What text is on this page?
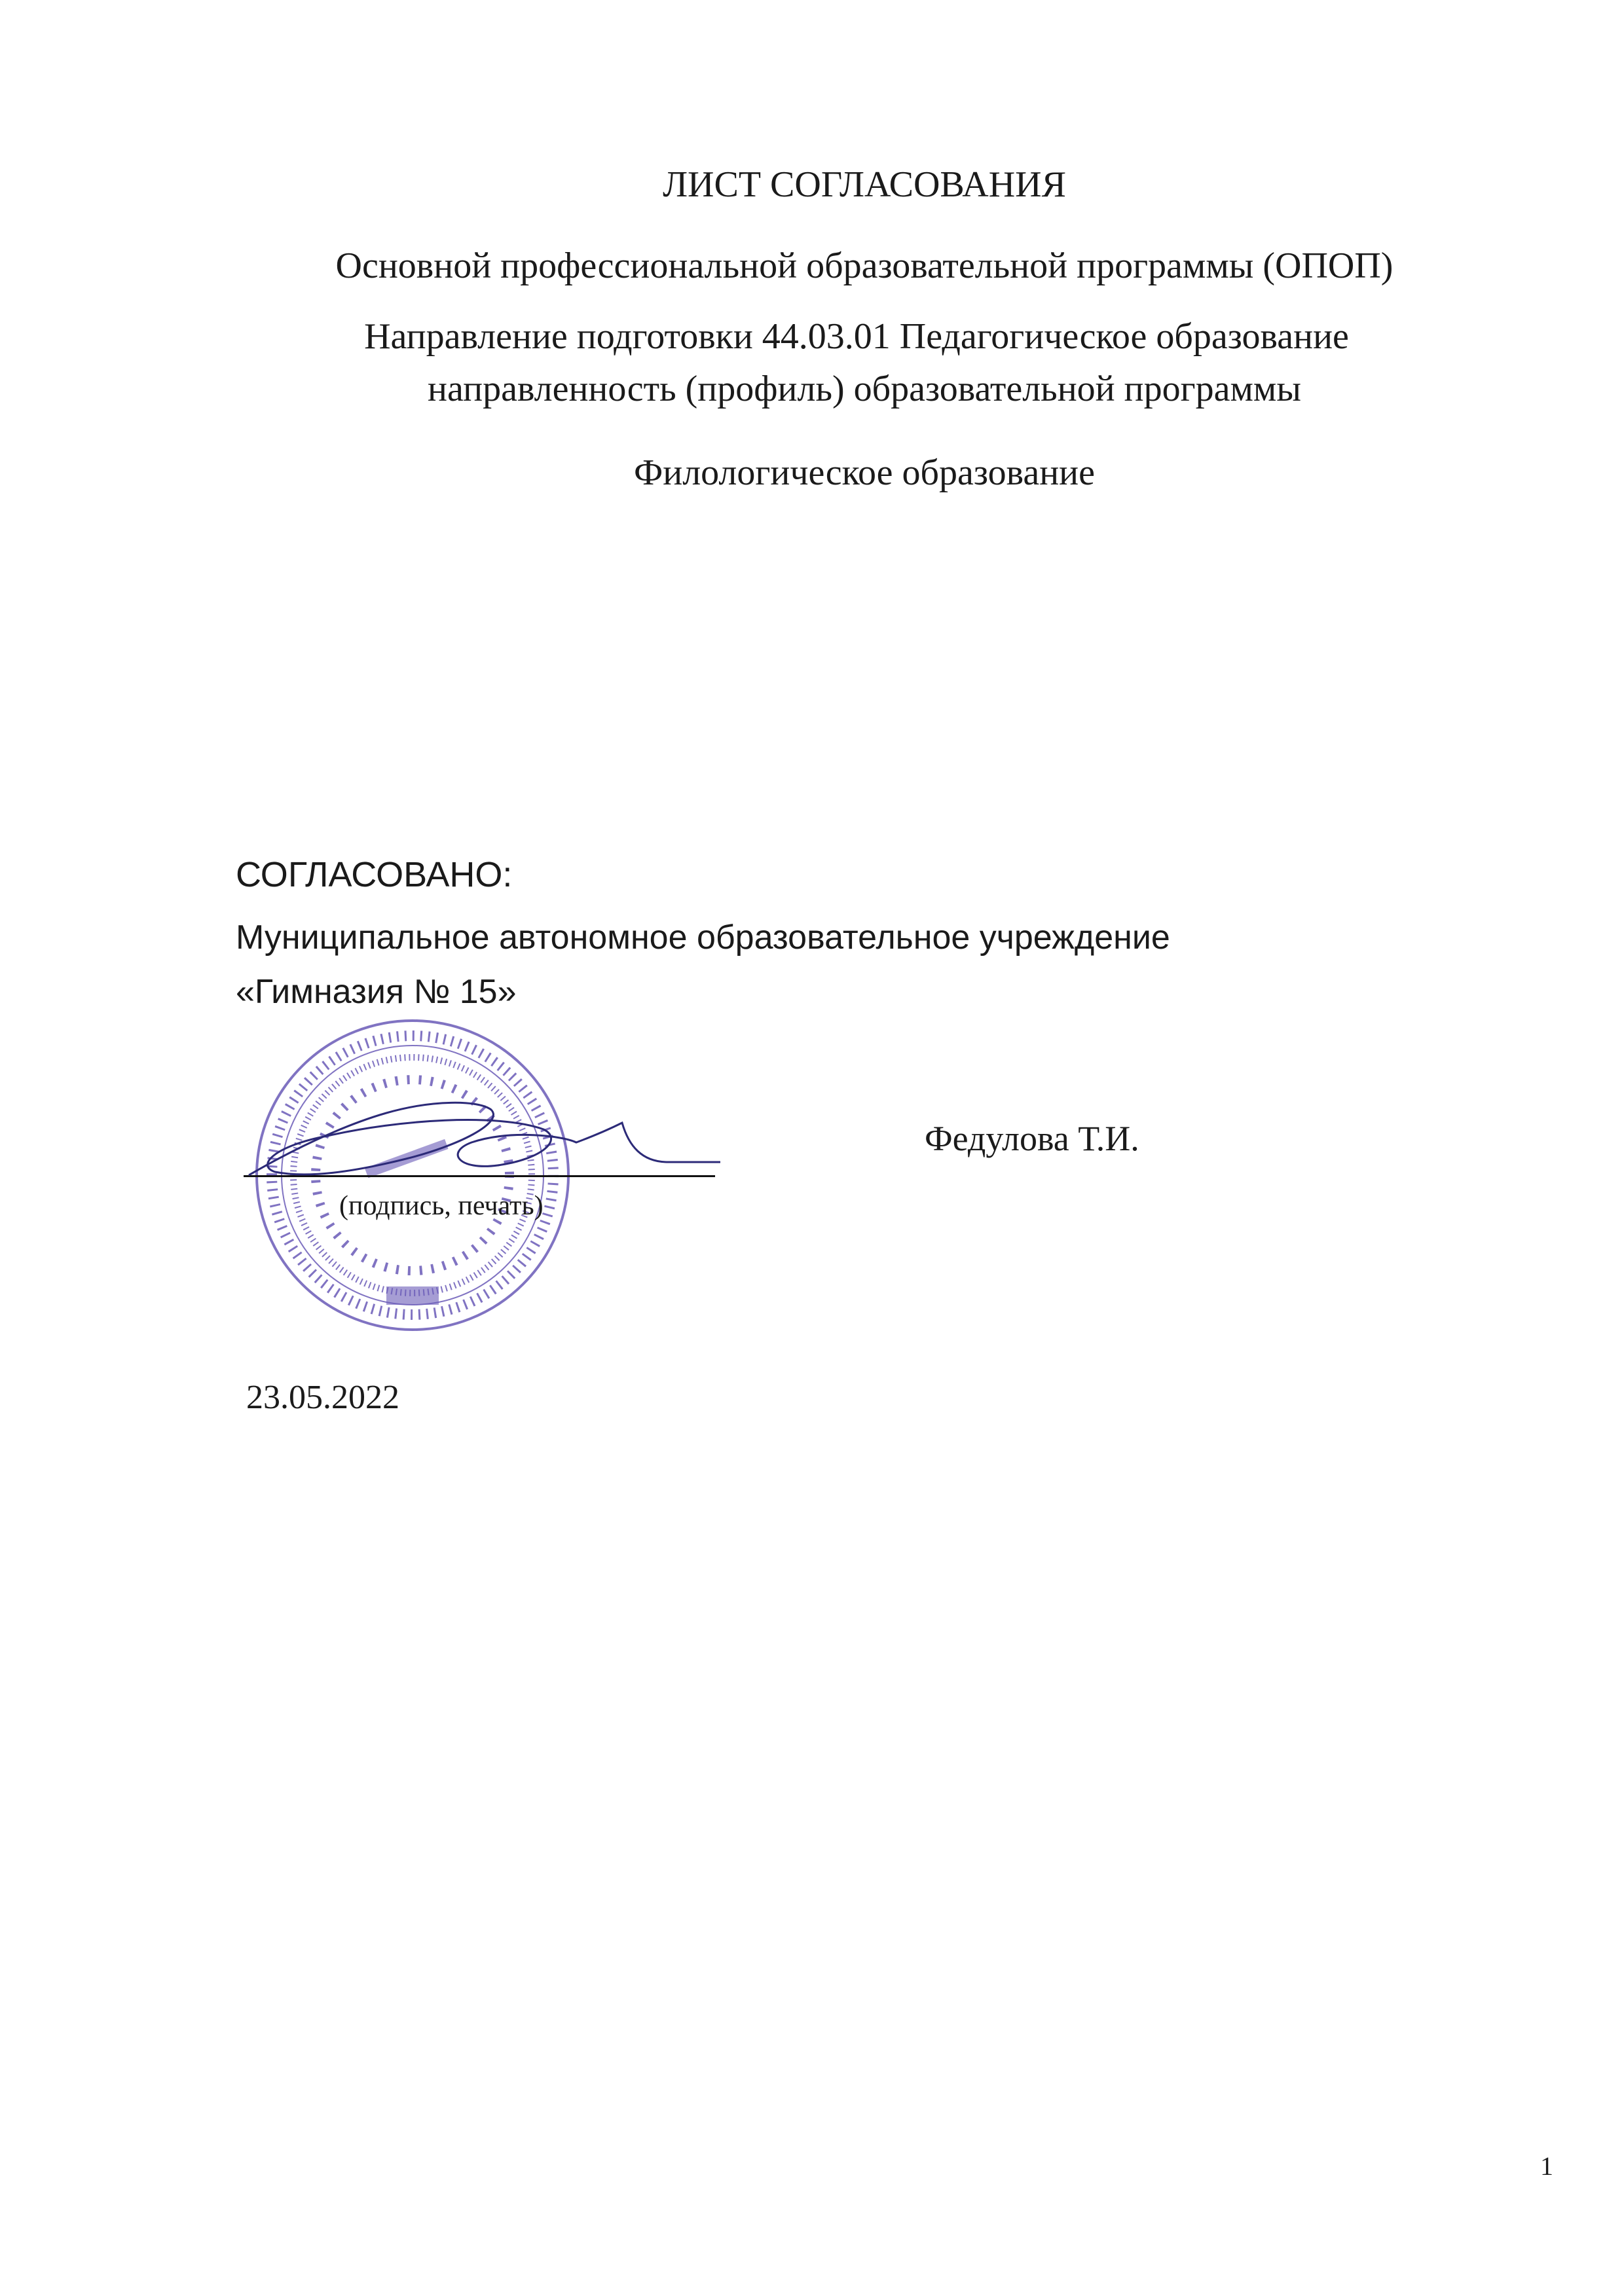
ЛИСТ СОГЛАСОВАНИЯ
Основной профессиональной образовательной программы (ОПОП)
Направление подготовки 44.03.01 Педагогическое образование
направленность (профиль) образовательной программы
Филологическое образование
СОГЛАСОВАНО:
Муниципальное автономное образовательное учреждение
«Гимназия № 15»
(подпись, печать)
Федулова Т.И.
23.05.2022
1
